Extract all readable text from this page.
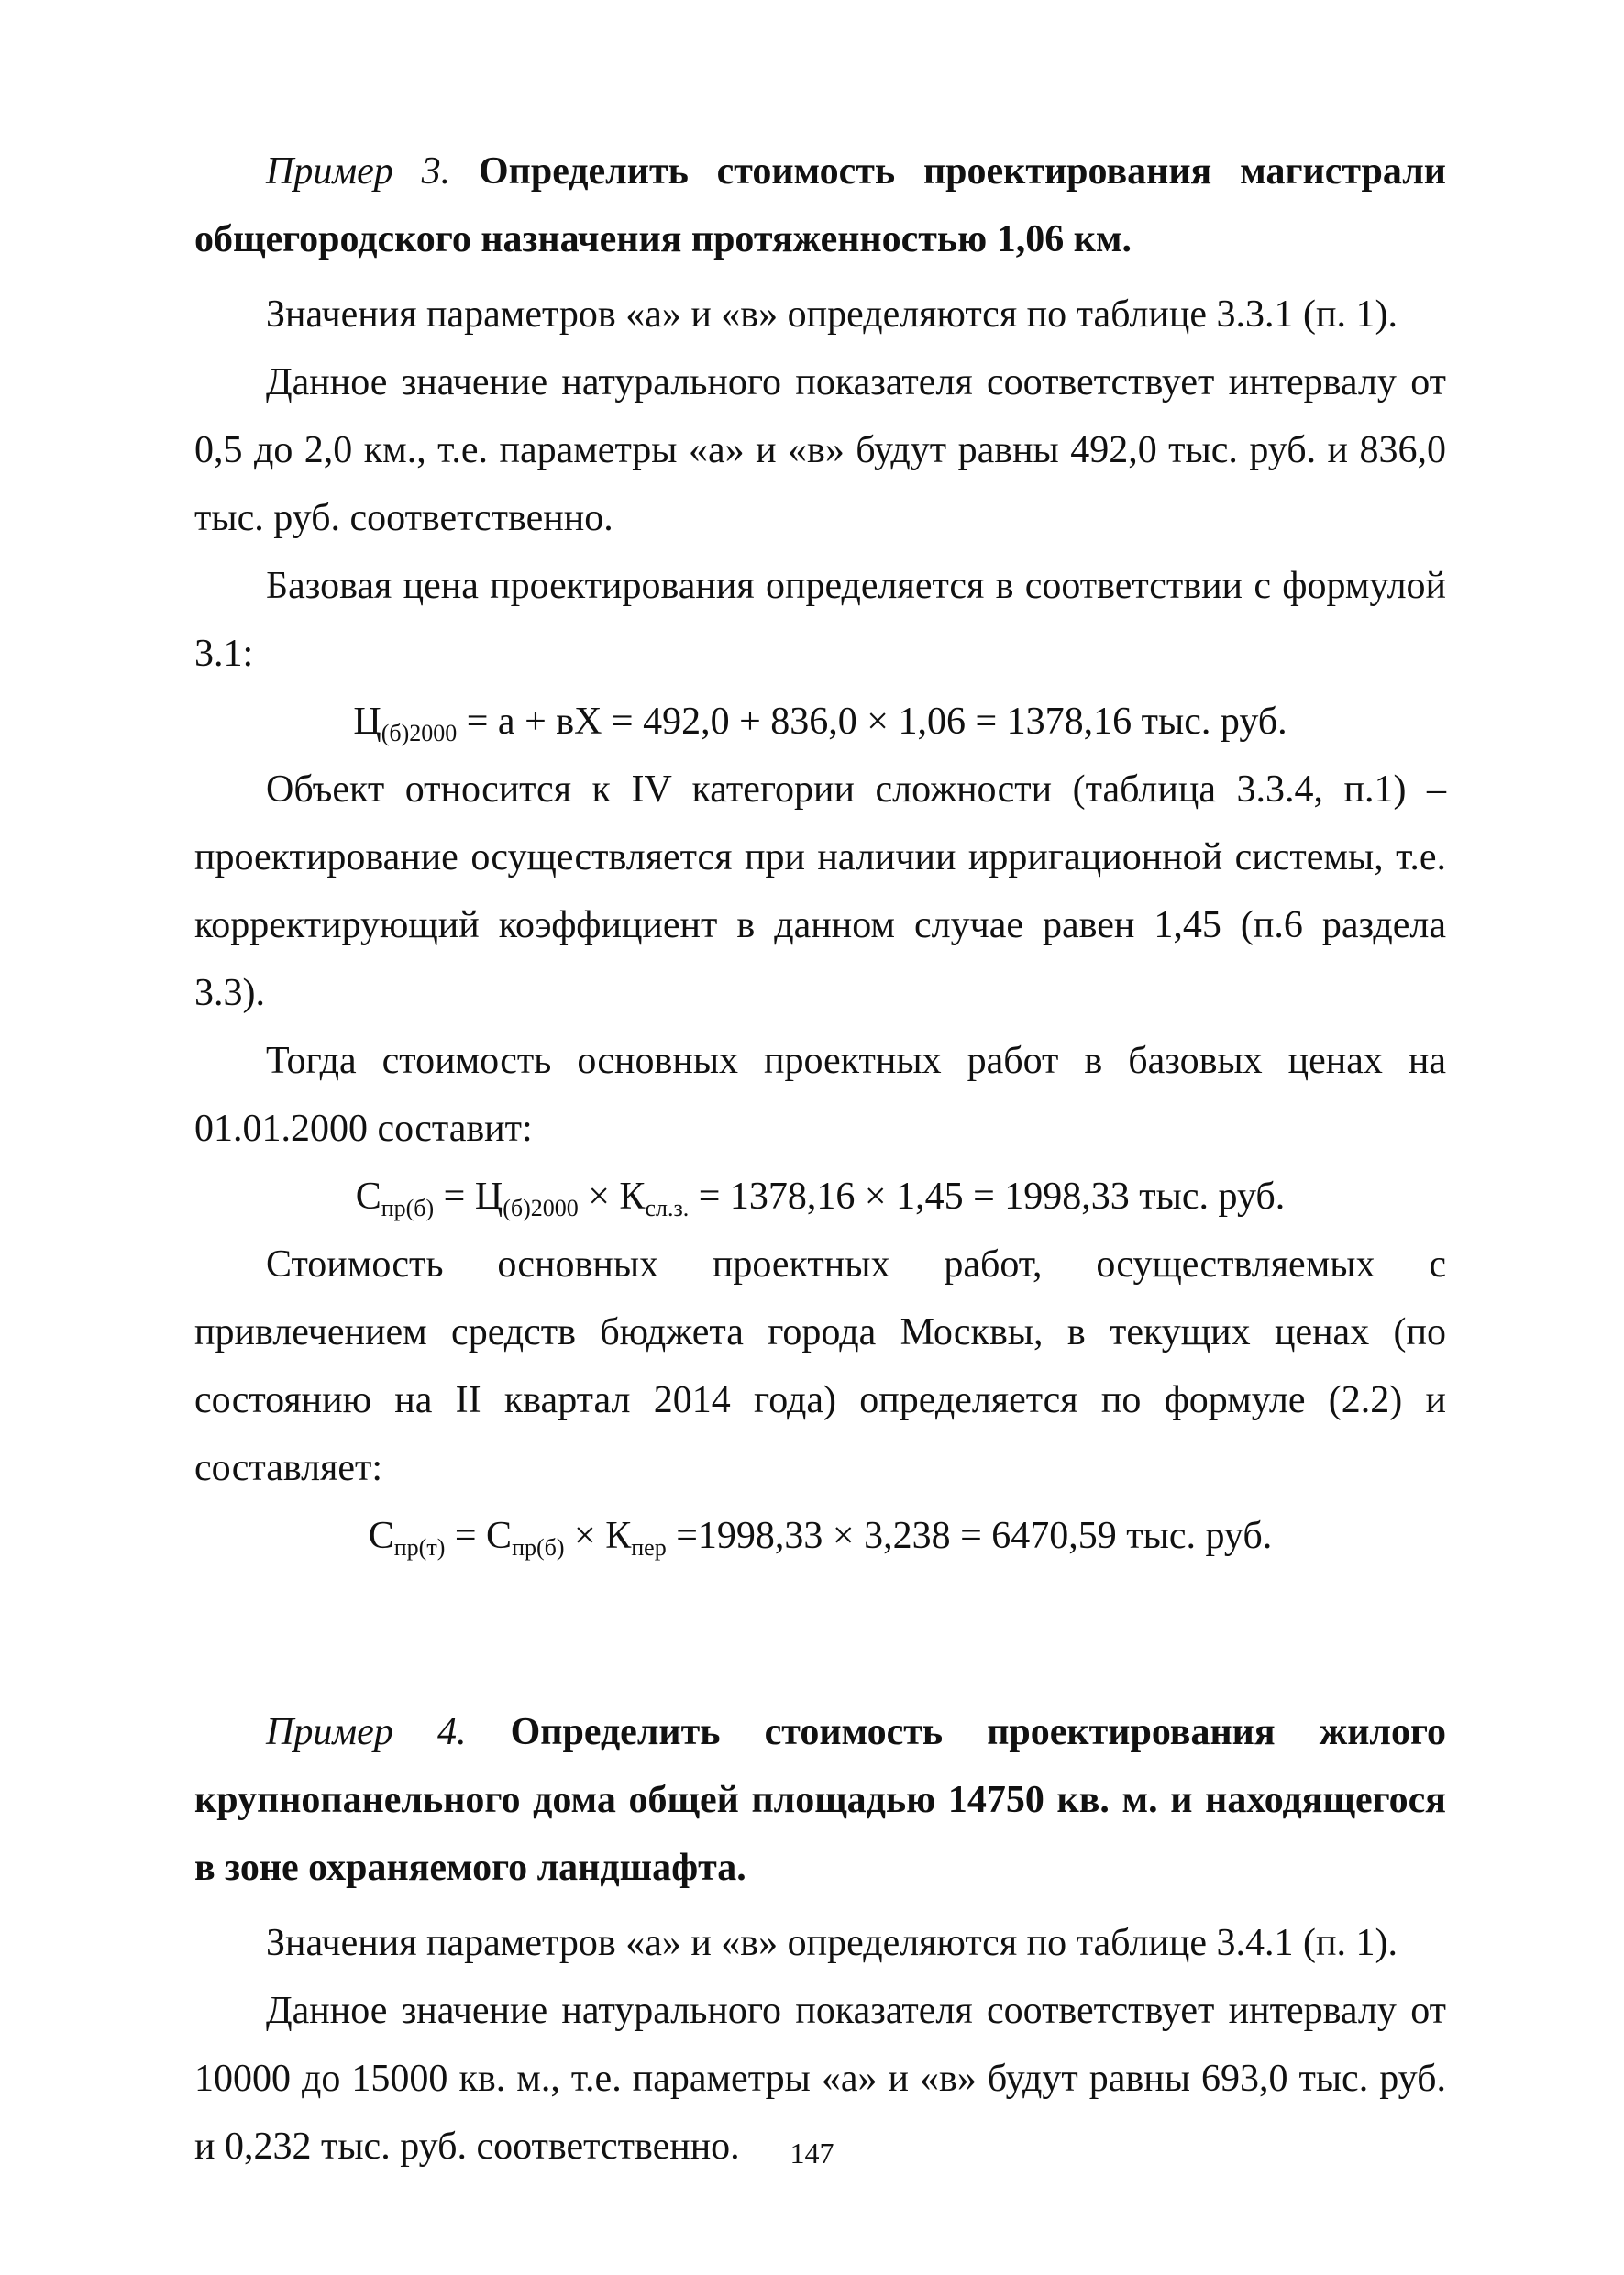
Пример 3. Определить стоимость проектирования магистрали общегородского назначения протяженностью 1,06 км.

Значения параметров «а» и «в» определяются по таблице 3.3.1 (п. 1).

Данное значение натурального показателя соответствует интервалу от 0,5 до 2,0 км., т.е. параметры «а» и «в» будут равны 492,0 тыс. руб. и 836,0 тыс. руб. соответственно.

Базовая цена проектирования определяется в соответствии с формулой 3.1:

$Ц_{(б)2000} = а$ + вХ = 492,0 + 836,0 × 1,06 = 1378,16 тыс. руб.

Объект относится к IV категории сложности (таблица 3.3.4, п.1) – проектирование осуществляется при наличии ирригационной системы, т.е. корректирующий коэффициент в данном случае равен 1,45 (п.6 раздела 3.3).

Тогда стоимость основных проектных работ в базовых ценах на 01.01.2000 составит:

$С_{пр(б)} = Ц_{(б)2000} \times К_{сл.з.} = 1378,16 \times 1,45 = 1998,33$ тыс. руб.

Стоимость основных проектных работ, осуществляемых с привлечением средств бюджета города Москвы, в текущих ценах (по состоянию на II квартал 2014 года) определяется по формуле (2.2) и составляет:

$С_{пр(т)} = С_{пр(б)} \times К_{пер} =1998,33 \times 3,238 = 6470,59$ тыс. руб.

Пример 4. Определить стоимость проектирования жилого крупнопанельного дома общей площадью 14750 кв. м. и находящегося в зоне охраняемого ландшафта.

Значения параметров «а» и «в» определяются по таблице 3.4.1 (п. 1).

Данное значение натурального показателя соответствует интервалу от 10000 до 15000 кв. м., т.е. параметры «а» и «в» будут равны 693,0 тыс. руб. и 0,232 тыс. руб. соответственно.	147
